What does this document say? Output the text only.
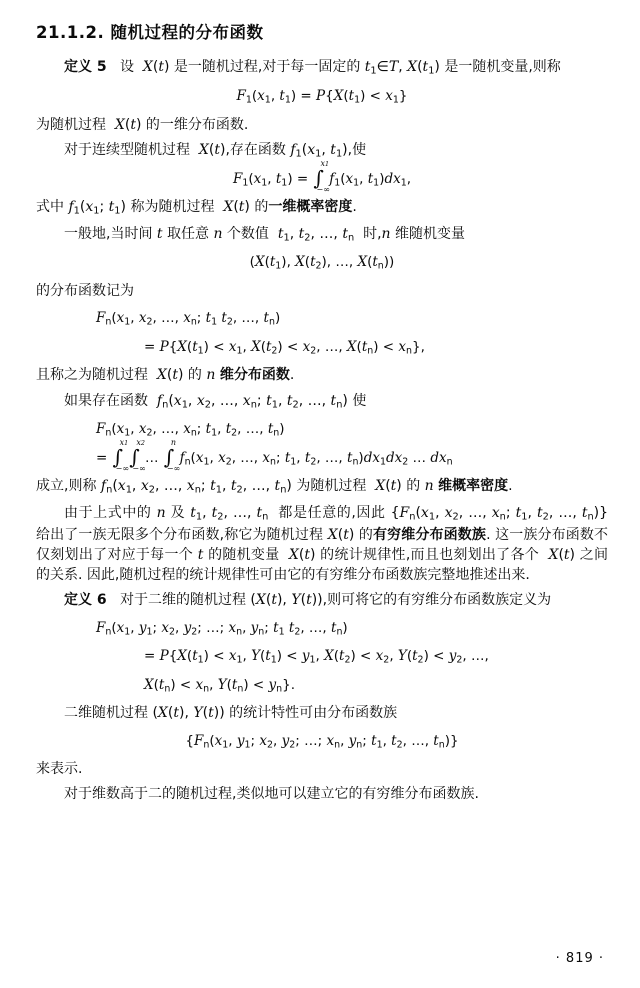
21.1.2. 随机过程的分布函数

定义 5   设  X(t) 是一随机过程,对于每一固定的 $t_1\in T$, $X(t_1)$ 是一随机变量,则称

$F_1(x_1$, $t_1) = P\{X(t_1) < x_1\}$

为随机过程  X(t) 的一维分布函数.

对于连续型随机过程  X(t),存在函数 $f_1(x_1$, $t_1$),使

$F_1(x_1$, $t_1$) = ∫
x1
−∞
$f_1(x_1$, $t_1)dx_1$,

式中 $f_1(x_1$; $t_1$) 称为随机过程  X(t) 的一维概率密度.

一般地,当时间 t 取任意 n 个数值  $t_1$, $t_2$, …, $t_n$  时,n 维随机变量

($X(t_1)$, $X(t_2)$, …, $X(t_n)$)

的分布函数记为

$F_n(x_1$, $x_2$, …, $x_n$; $t_1$ $t_2$, …, $t_n$)
= $P\{X(t_1) < x_1$, $X(t_2) < x_2$, …, $X(t_n) < x_n$},

且称之为随机过程  X(t) 的 n 维分布函数.

如果存在函数  $f_n(x_1$, $x_2$, …, $x_n$; $t_1$, $t_2$, …, $t_n$) 使

$F_n(x_1$, $x_2$, …, $x_n$; $t_1$, $t_2$, …, $t_n$)
= ∫
x1
−∞
∫
x2
−∞
… ∫
n
−∞
$f_n(x_1$, $x_2$, …, $x_n$; $t_1$, $t_2$, …, $t_n)dx_1dx_2$ … $dx_n$

成立,则称 $f_n(x_1$, $x_2$, …, $x_n$; $t_1$, $t_2$, …, $t_n$) 为随机过程  X(t) 的 n 维概率密度.

由于上式中的 n 及 $t_1$, $t_2$, …, $t_n$  都是任意的,因此 {$F_n(x_1$, $x_2$, …, $x_n$; $t_1$, $t_2$, …, $t_n$)} 给出了一族无限多个分布函数,称它为随机过程 X(t) 的有穷维分布函数族. 这一族分布函数不仅刻划出了对应于每一个 t 的随机变量  X(t) 的统计规律性,而且也刻划出了各个  X(t) 之间的关系. 因此,随机过程的统计规律性可由它的有穷维分布函数族完整地推述出来.

定义 6   对于二维的随机过程 (X(t), Y(t)),则可将它的有穷维分布函数族定义为

$F_n(x_1$, $y_1$; $x_2$, $y_2$; …; $x_n$, $y_n$; $t_1$ $t_2$, …, $t_n$)
= $P\{X(t_1) < x_1$, $Y(t_1) < y_1$, $X(t_2) < x_2$, $Y(t_2) < y_2$, …,
$X(t_n) < x_n$, $Y(t_n) < y_n$}.

二维随机过程 (X(t), Y(t)) 的统计特性可由分布函数族

{$F_n(x_1$, $y_1$; $x_2$, $y_2$; …; $x_n$, $y_n$; $t_1$, $t_2$, …, $t_n$)}

来表示.

对于维数高于二的随机过程,类似地可以建立它的有穷维分布函数族.

· 819 ·
